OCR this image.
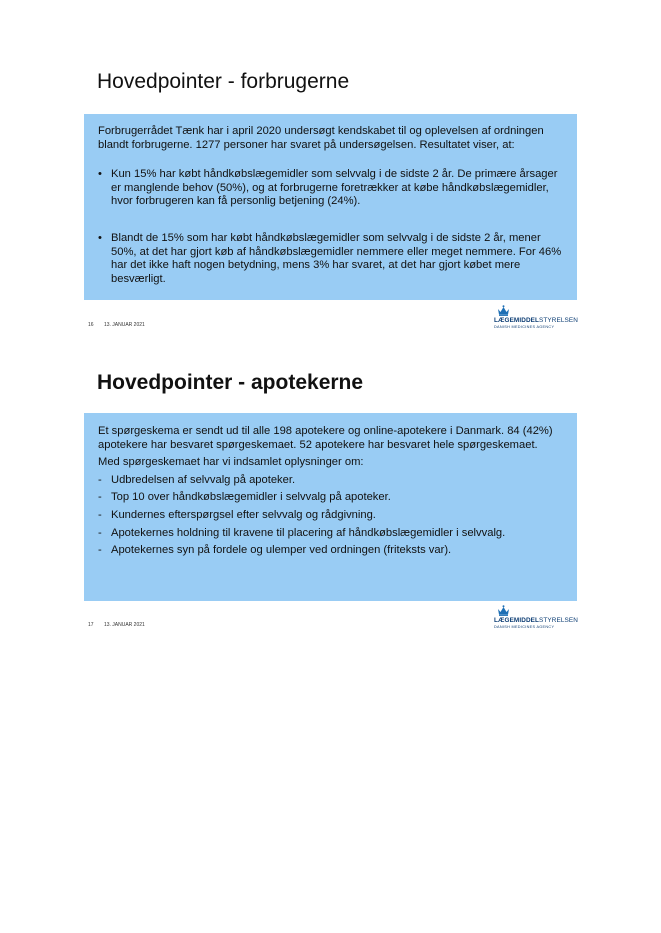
Hovedpointer - forbrugerne

Forbrugerrådet Tænk har i april 2020 undersøgt kendskabet til og oplevelsen af ordningen blandt forbrugerne. 1277 personer har svaret på undersøgelsen. Resultatet viser, at:

• Kun 15% har købt håndkøbslægemidler som selvvalg i de sidste 2 år. De primære årsager er manglende behov (50%), og at forbrugerne foretrækker at købe håndkøbslægemidler, hvor forbrugeren kan få personlig betjening (24%).
• Blandt de 15% som har købt håndkøbslægemidler som selvvalg i de sidste 2 år, mener 50%, at det har gjort køb af håndkøbslægemidler nemmere eller meget nemmere. For 46% har det ikke haft nogen betydning, mens 3% har svaret, at det har gjort købet mere besværligt.
16 13. JANUAR 2021
LÆGEMIDDELSTYRELSEN
DANISH MEDICINES AGENCY
Hovedpointer - apotekerne

Et spørgeskema er sendt ud til alle 198 apotekere og online-apotekere i Danmark. 84 (42%) apotekere har besvaret spørgeskemaet. 52 apotekere har besvaret hele spørgeskemaet.

Med spørgeskemaet har vi indsamlet oplysninger om:

- Udbredelsen af selvvalg på apoteker.
- Top 10 over håndkøbslægemidler i selvvalg på apoteker.
- Kundernes efterspørgsel efter selvvalg og rådgivning.
- Apotekernes holdning til kravene til placering af håndkøbslægemidler i selvvalg.
- Apotekernes syn på fordele og ulemper ved ordningen (friteksts var).
17 13. JANUAR 2021
LÆGEMIDDELSTYRELSEN
DANISH MEDICINES AGENCY
